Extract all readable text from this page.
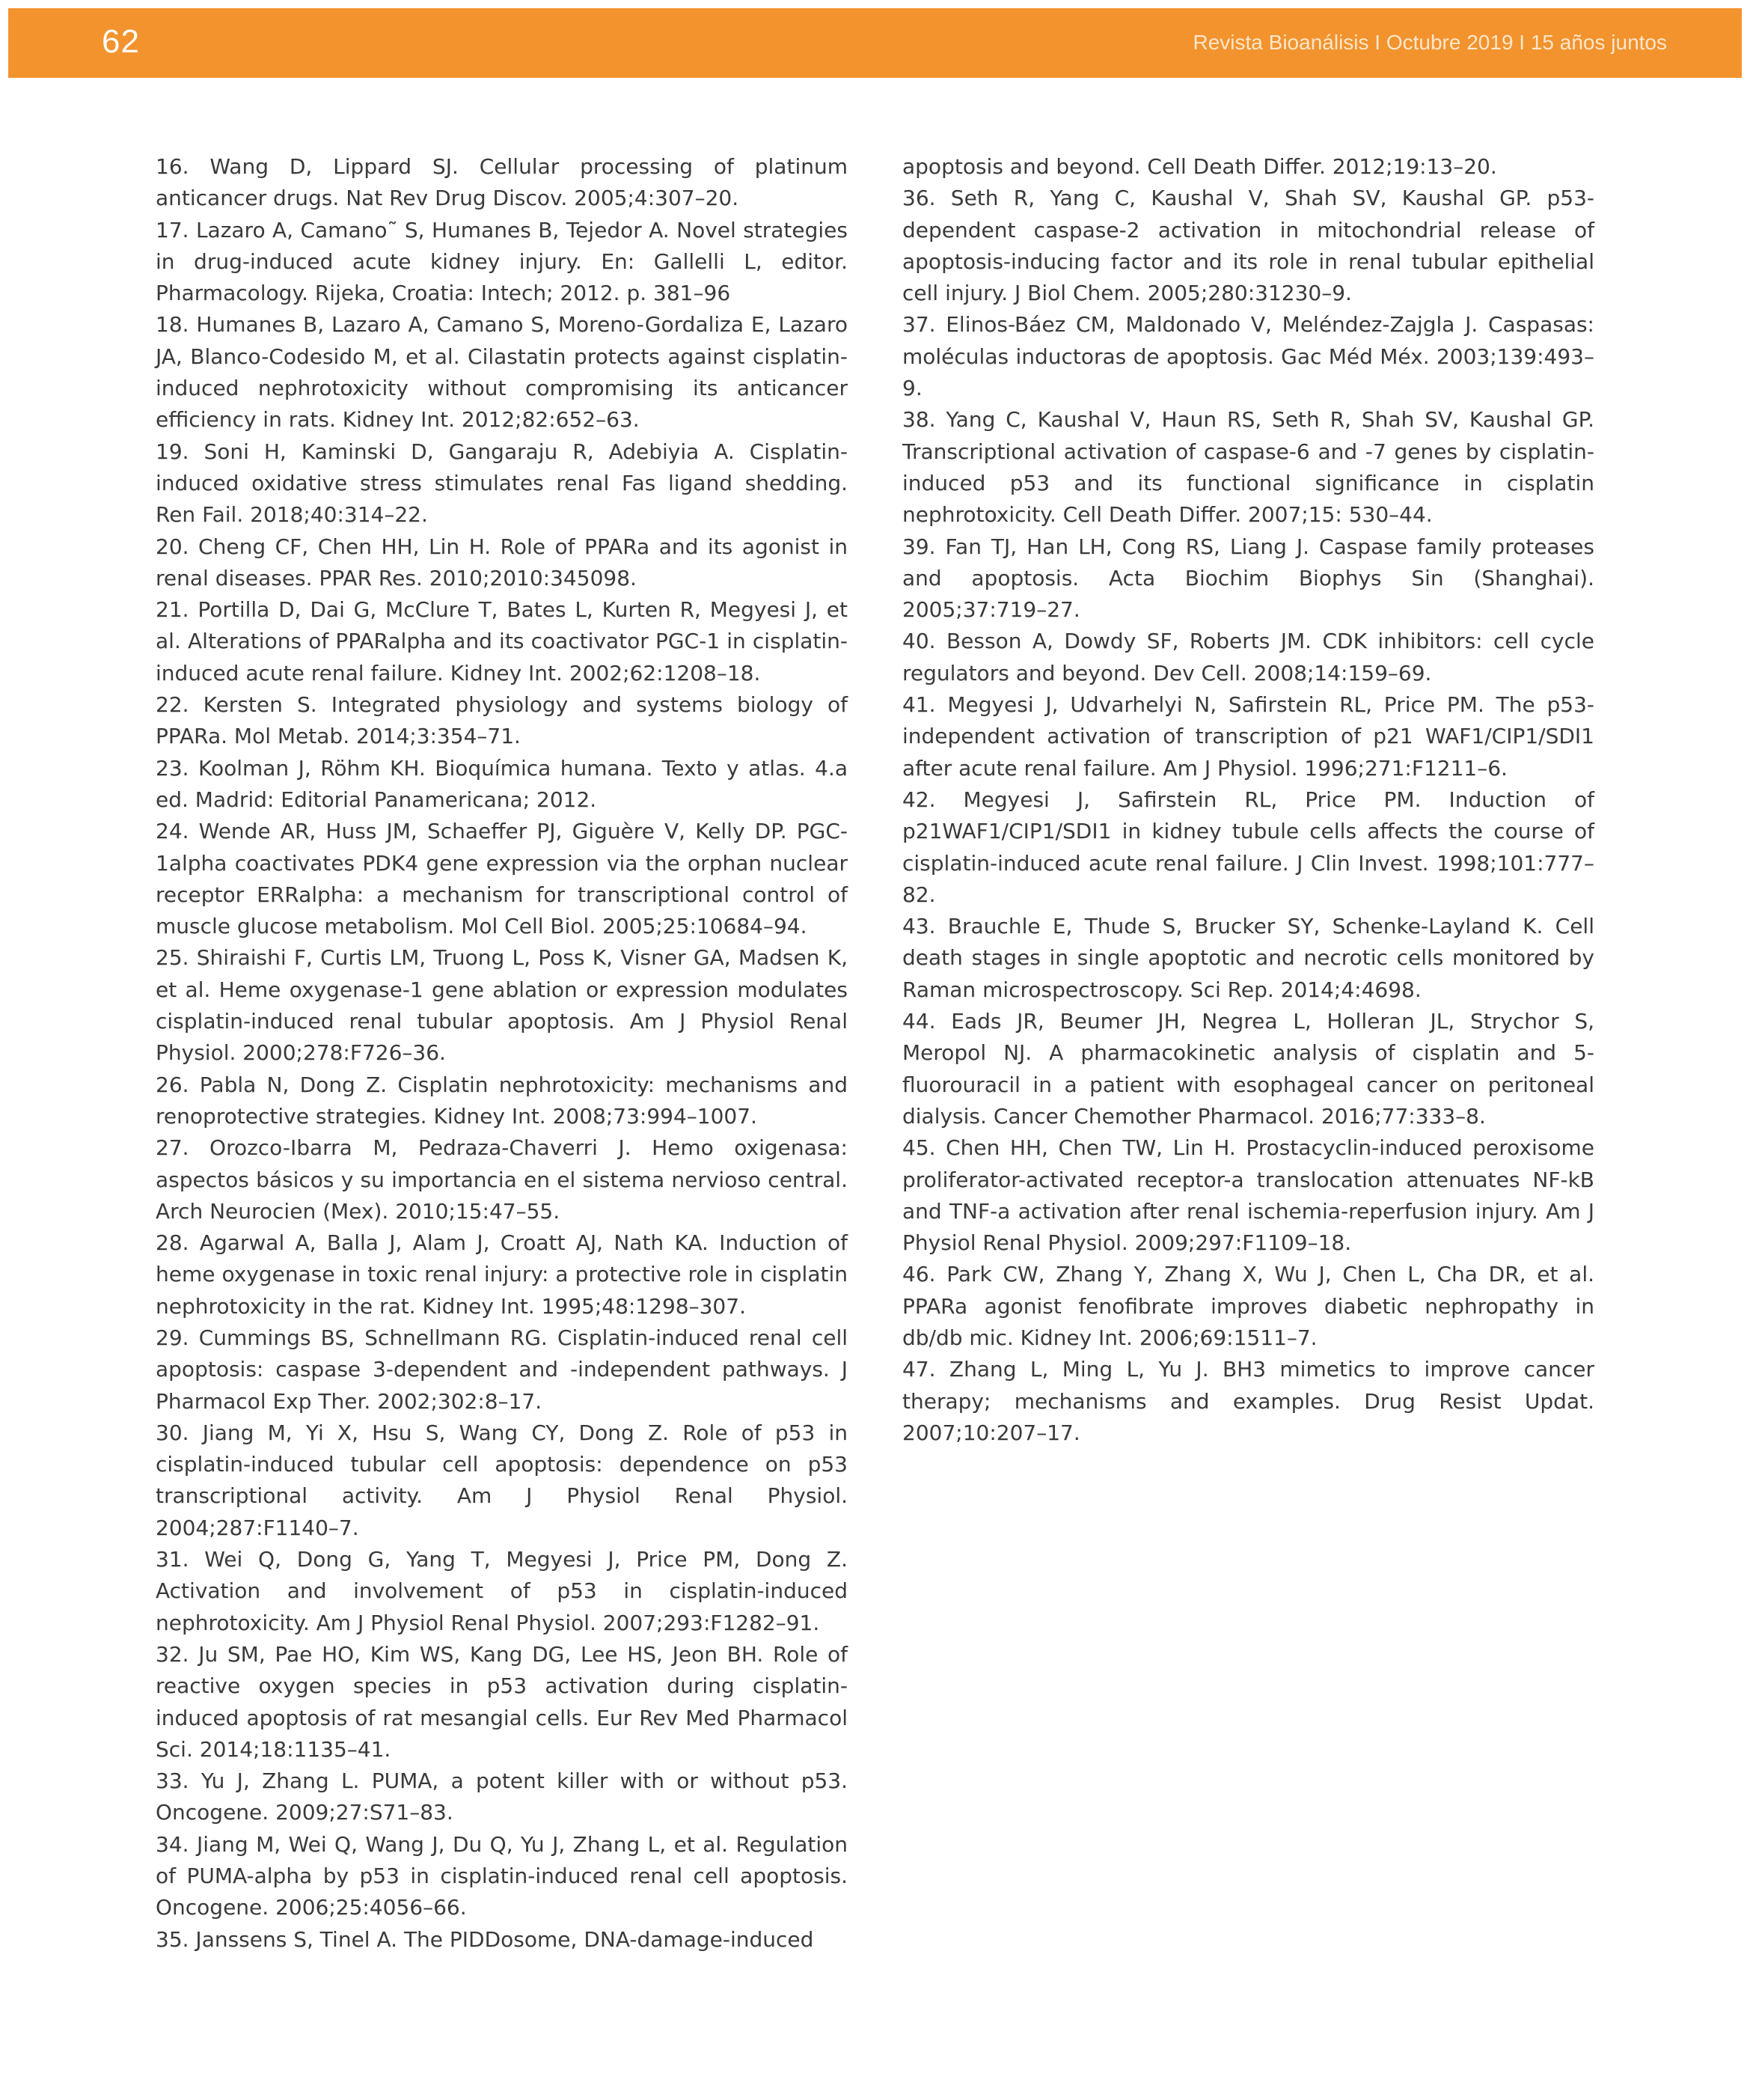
62	Revista Bioanálisis I Octubre 2019 I 15 años juntos

16. Wang D, Lippard SJ. Cellular processing of platinum anticancer drugs. Nat Rev Drug Discov. 2005;4:307–20.

17. Lazaro A, Camano˜ S, Humanes B, Tejedor A. Novel strategies in drug-induced acute kidney injury. En: Gallelli L, editor. Pharmacology. Rijeka, Croatia: Intech; 2012. p. 381–96

18. Humanes B, Lazaro A, Camano S, Moreno-Gordaliza E, Lazaro JA, Blanco-Codesido M, et al. Cilastatin protects against cisplatin-induced nephrotoxicity without compromising its anticancer efficiency in rats. Kidney Int. 2012;82:652–63.

19. Soni H, Kaminski D, Gangaraju R, Adebiyia A. Cisplatin-induced oxidative stress stimulates renal Fas ligand shedding. Ren Fail. 2018;40:314–22.

20. Cheng CF, Chen HH, Lin H. Role of PPARa and its agonist in renal diseases. PPAR Res. 2010;2010:345098.

21. Portilla D, Dai G, McClure T, Bates L, Kurten R, Megyesi J, et al. Alterations of PPARalpha and its coactivator PGC-1 in cisplatin-induced acute renal failure. Kidney Int. 2002;62:1208–18.

22. Kersten S. Integrated physiology and systems biology of PPARa. Mol Metab. 2014;3:354–71.

23. Koolman J, Röhm KH. Bioquímica humana. Texto y atlas. 4.a ed. Madrid: Editorial Panamericana; 2012.

24. Wende AR, Huss JM, Schaeffer PJ, Giguère V, Kelly DP. PGC-1alpha coactivates PDK4 gene expression via the orphan nuclear receptor ERRalpha: a mechanism for transcriptional control of muscle glucose metabolism. Mol Cell Biol. 2005;25:10684–94.

25. Shiraishi F, Curtis LM, Truong L, Poss K, Visner GA, Madsen K, et al. Heme oxygenase-1 gene ablation or expression modulates cisplatin-induced renal tubular apoptosis. Am J Physiol Renal Physiol. 2000;278:F726–36.

26. Pabla N, Dong Z. Cisplatin nephrotoxicity: mechanisms and renoprotective strategies. Kidney Int. 2008;73:994–1007.

27. Orozco-Ibarra M, Pedraza-Chaverri J. Hemo oxigenasa: aspectos básicos y su importancia en el sistema nervioso central. Arch Neurocien (Mex). 2010;15:47–55.

28. Agarwal A, Balla J, Alam J, Croatt AJ, Nath KA. Induction of heme oxygenase in toxic renal injury: a protective role in cisplatin nephrotoxicity in the rat. Kidney Int. 1995;48:1298–307.

29. Cummings BS, Schnellmann RG. Cisplatin-induced renal cell apoptosis: caspase 3-dependent and -independent pathways. J Pharmacol Exp Ther. 2002;302:8–17.

30. Jiang M, Yi X, Hsu S, Wang CY, Dong Z. Role of p53 in cisplatin-induced tubular cell apoptosis: dependence on p53 transcriptional activity. Am J Physiol Renal Physiol. 2004;287:F1140–7.

31. Wei Q, Dong G, Yang T, Megyesi J, Price PM, Dong Z. Activation and involvement of p53 in cisplatin-induced nephrotoxicity. Am J Physiol Renal Physiol. 2007;293:F1282–91.

32. Ju SM, Pae HO, Kim WS, Kang DG, Lee HS, Jeon BH. Role of reactive oxygen species in p53 activation during cisplatin-induced apoptosis of rat mesangial cells. Eur Rev Med Pharmacol Sci. 2014;18:1135–41.

33. Yu J, Zhang L. PUMA, a potent killer with or without p53. Oncogene. 2009;27:S71–83.

34. Jiang M, Wei Q, Wang J, Du Q, Yu J, Zhang L, et al. Regulation of PUMA-alpha by p53 in cisplatin-induced renal cell apoptosis. Oncogene. 2006;25:4056–66.

35. Janssens S, Tinel A. The PIDDosome, DNA-damage-induced

apoptosis and beyond. Cell Death Differ. 2012;19:13–20.

36. Seth R, Yang C, Kaushal V, Shah SV, Kaushal GP. p53-dependent caspase-2 activation in mitochondrial release of apoptosis-inducing factor and its role in renal tubular epithelial cell injury. J Biol Chem. 2005;280:31230–9.

37. Elinos-Báez CM, Maldonado V, Meléndez-Zajgla J. Caspasas: moléculas inductoras de apoptosis. Gac Méd Méx. 2003;139:493–9.

38. Yang C, Kaushal V, Haun RS, Seth R, Shah SV, Kaushal GP. Transcriptional activation of caspase-6 and -7 genes by cisplatin-induced p53 and its functional significance in cisplatin nephrotoxicity. Cell Death Differ. 2007;15: 530–44.

39. Fan TJ, Han LH, Cong RS, Liang J. Caspase family proteases and apoptosis. Acta Biochim Biophys Sin (Shanghai). 2005;37:719–27.

40. Besson A, Dowdy SF, Roberts JM. CDK inhibitors: cell cycle regulators and beyond. Dev Cell. 2008;14:159–69.

41. Megyesi J, Udvarhelyi N, Safirstein RL, Price PM. The p53-independent activation of transcription of p21 WAF1/CIP1/SDI1 after acute renal failure. Am J Physiol. 1996;271:F1211–6.

42. Megyesi J, Safirstein RL, Price PM. Induction of p21WAF1/CIP1/SDI1 in kidney tubule cells affects the course of cisplatin-induced acute renal failure. J Clin Invest. 1998;101:777–82.

43. Brauchle E, Thude S, Brucker SY, Schenke-Layland K. Cell death stages in single apoptotic and necrotic cells monitored by Raman microspectroscopy. Sci Rep. 2014;4:4698.

44. Eads JR, Beumer JH, Negrea L, Holleran JL, Strychor S, Meropol NJ. A pharmacokinetic analysis of cisplatin and 5-fluorouracil in a patient with esophageal cancer on peritoneal dialysis. Cancer Chemother Pharmacol. 2016;77:333–8.

45. Chen HH, Chen TW, Lin H. Prostacyclin-induced peroxisome proliferator-activated receptor-a translocation attenuates NF-kB and TNF-a activation after renal ischemia-reperfusion injury. Am J Physiol Renal Physiol. 2009;297:F1109–18.

46. Park CW, Zhang Y, Zhang X, Wu J, Chen L, Cha DR, et al. PPARa agonist fenofibrate improves diabetic nephropathy in db/db mic. Kidney Int. 2006;69:1511–7.

47. Zhang L, Ming L, Yu J. BH3 mimetics to improve cancer therapy; mechanisms and examples. Drug Resist Updat. 2007;10:207–17.
